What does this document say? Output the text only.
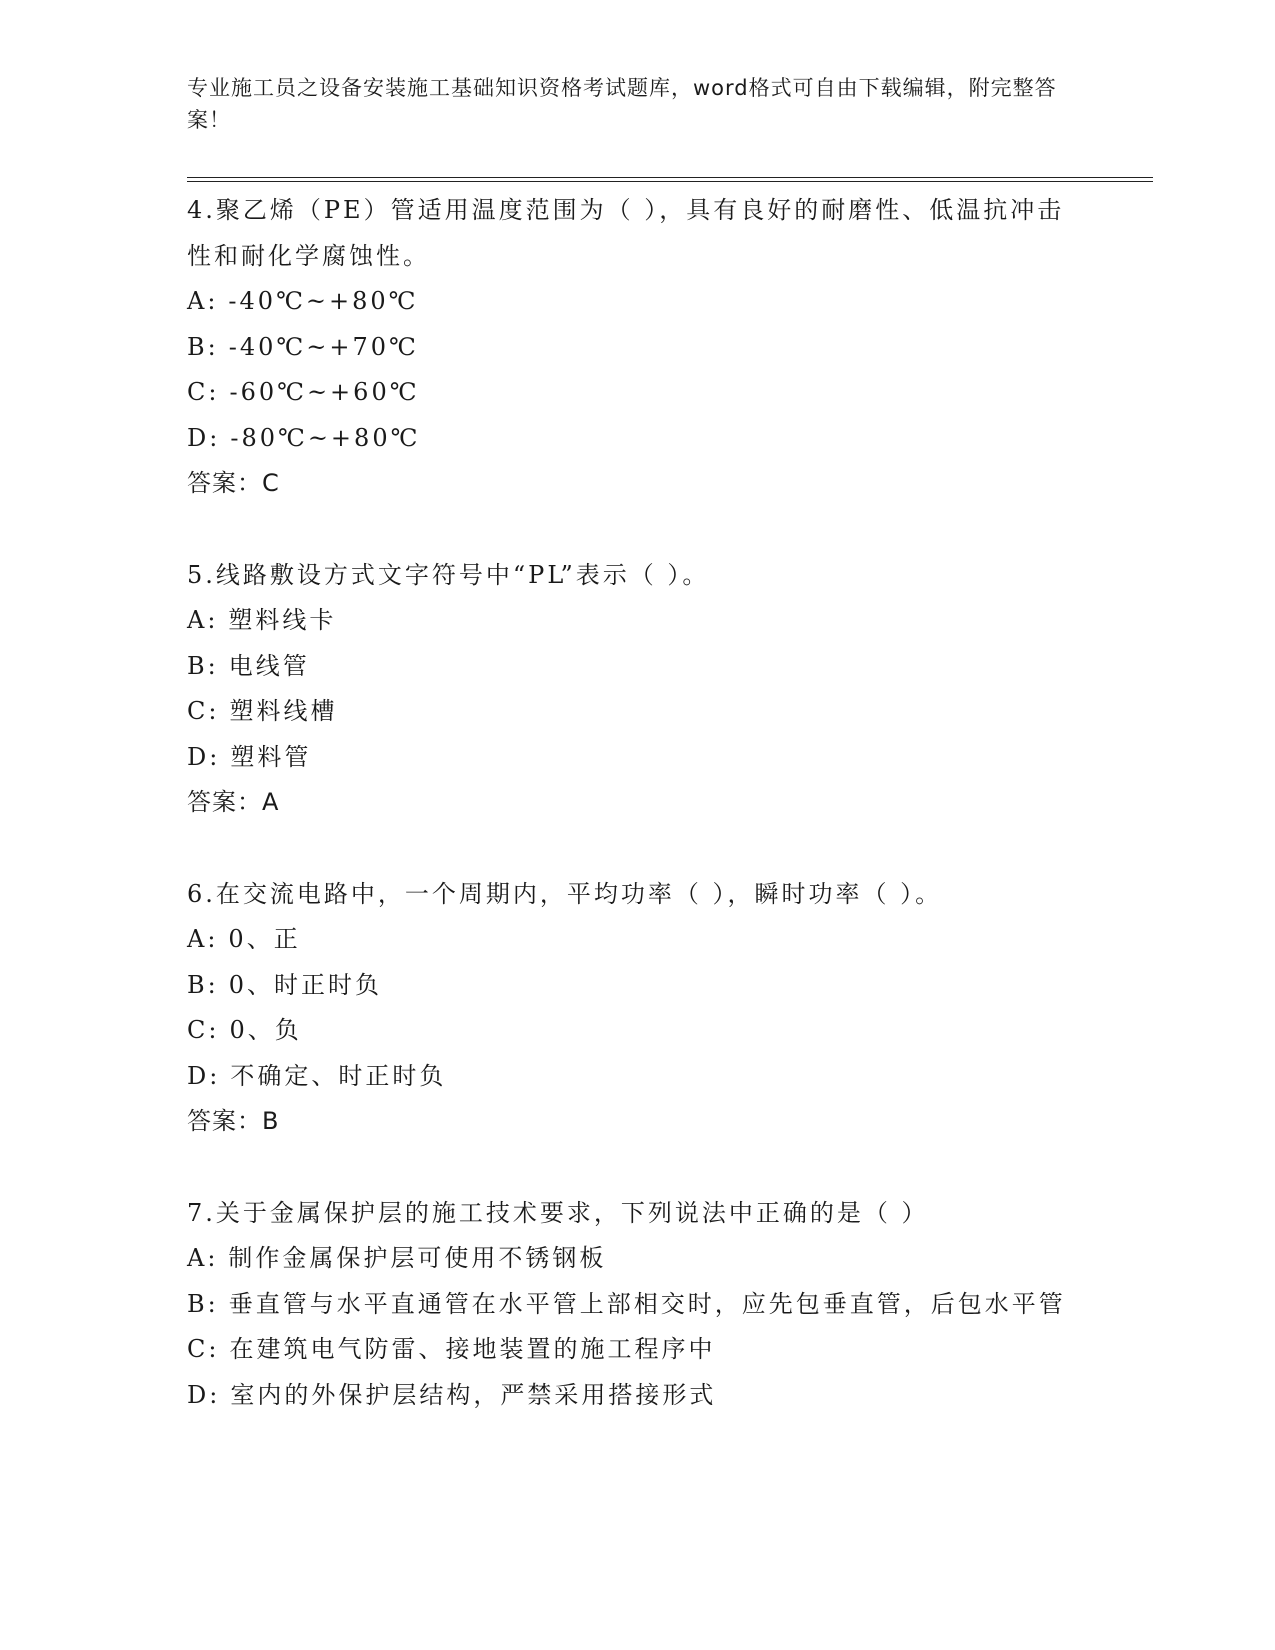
专业施工员之设备安装施工基础知识资格考试题库，word格式可自由下载编辑，附完整答案！
4.聚乙烯（PE）管适用温度范围为（ ），具有良好的耐磨性、低温抗冲击性和耐化学腐蚀性。
A: -40℃~+80℃
B: -40℃~+70℃
C: -60℃~+60℃
D: -80℃~+80℃
答案：C
5.线路敷设方式文字符号中“PL”表示（ ）。
A: 塑料线卡
B: 电线管
C: 塑料线槽
D: 塑料管
答案：A
6.在交流电路中，一个周期内，平均功率（ ），瞬时功率（ ）。
A: 0、正
B: 0、时正时负
C: 0、负
D: 不确定、时正时负
答案：B
7.关于金属保护层的施工技术要求，下列说法中正确的是（ ）
A: 制作金属保护层可使用不锈钢板
B: 垂直管与水平直通管在水平管上部相交时，应先包垂直管，后包水平管
C: 在建筑电气防雷、接地装置的施工程序中
D: 室内的外保护层结构，严禁采用搭接形式
